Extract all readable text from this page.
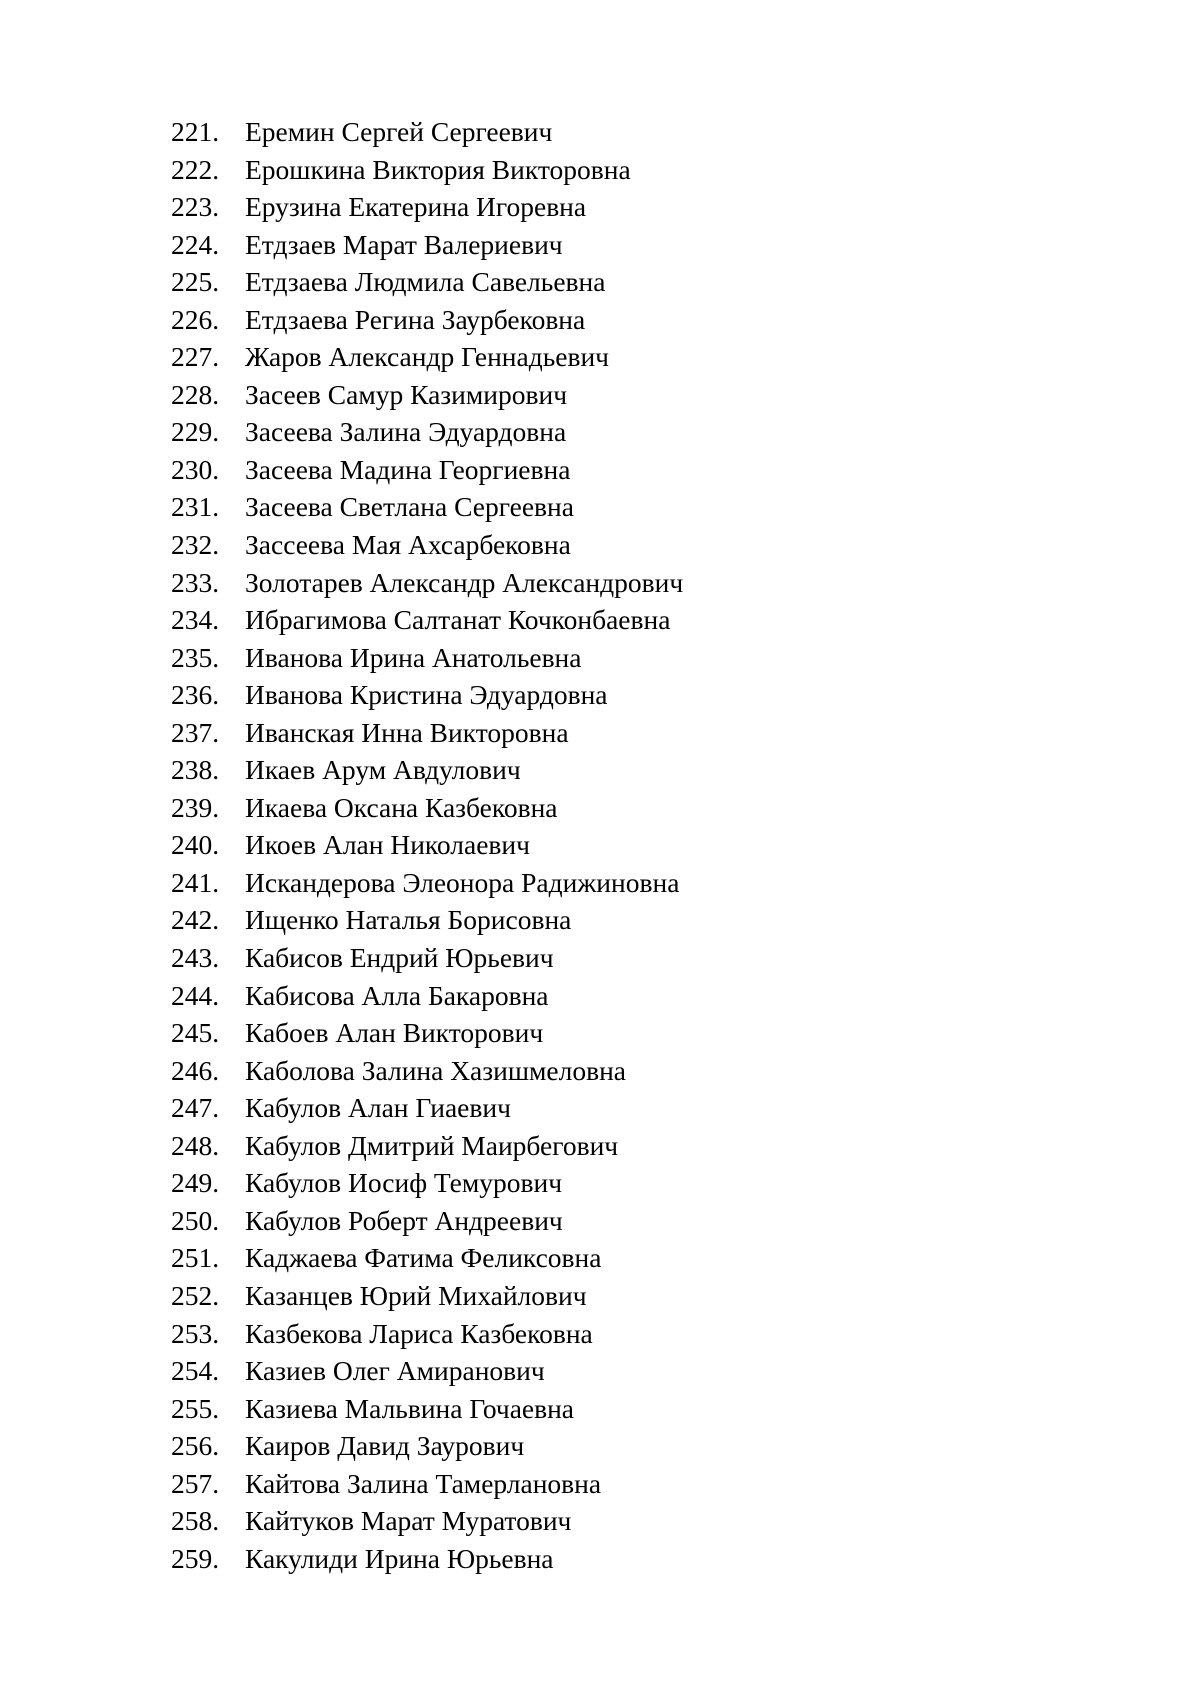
221. Еремин Сергей Сергеевич
222. Ерошкина Виктория Викторовна
223. Ерузина Екатерина Игоревна
224. Етдзаев Марат Валериевич
225. Етдзаева Людмила Савельевна
226. Етдзаева Регина Заурбековна
227. Жаров Александр Геннадьевич
228. Засеев Самур Казимирович
229. Засеева Залина Эдуардовна
230. Засеева Мадина Георгиевна
231. Засеева Светлана Сергеевна
232. Зассеева Мая Ахсарбековна
233. Золотарев Александр Александрович
234. Ибрагимова Салтанат Кочконбаевна
235. Иванова Ирина Анатольевна
236. Иванова Кристина Эдуардовна
237. Иванская Инна Викторовна
238. Икаев Арум Авдулович
239. Икаева Оксана Казбековна
240. Икоев Алан Николаевич
241. Искандерова Элеонора Радижиновна
242. Ищенко Наталья Борисовна
243. Кабисов Ендрий Юрьевич
244. Кабисова Алла Бакаровна
245. Кабоев Алан Викторович
246. Каболова Залина Хазишмеловна
247. Кабулов Алан Гиаевич
248. Кабулов Дмитрий Маирбегович
249. Кабулов Иосиф Темурович
250. Кабулов Роберт Андреевич
251. Каджаева Фатима Феликсовна
252. Казанцев Юрий Михайлович
253. Казбекова Лариса Казбековна
254. Казиев Олег Амиранович
255. Казиева Мальвина Гочаевна
256. Каиров Давид Заурович
257. Кайтова Залина Тамерлановна
258. Кайтуков Марат Муратович
259. Какулиди Ирина Юрьевна
